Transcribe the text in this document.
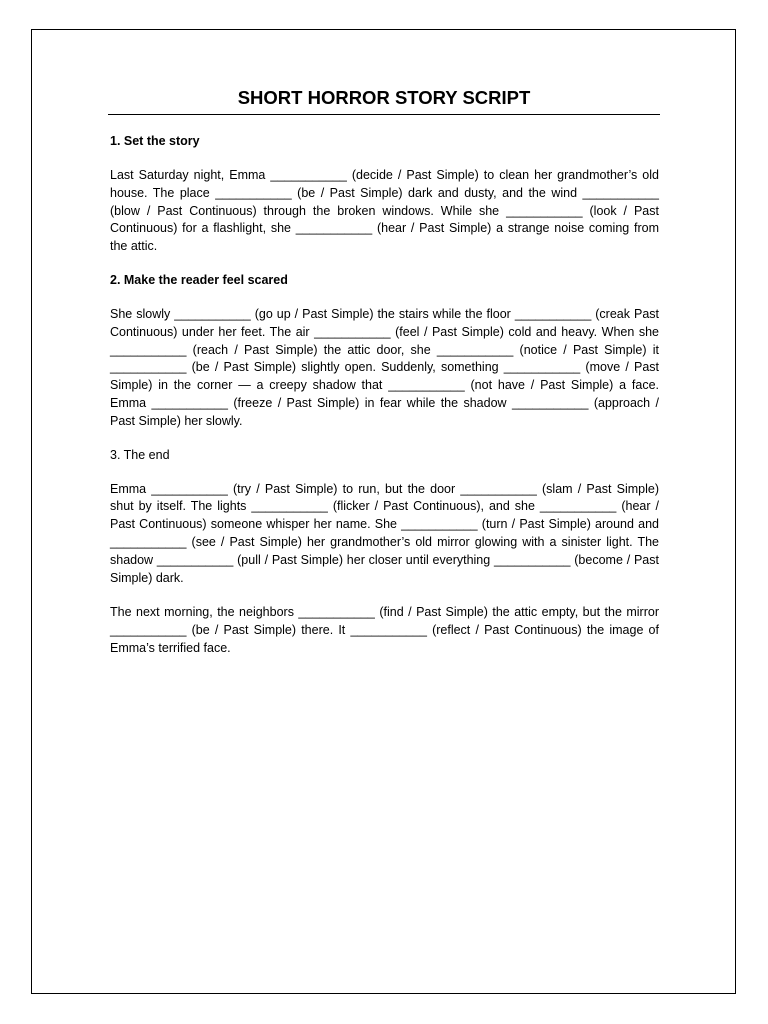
SHORT HORROR STORY SCRIPT
1. Set the story

Last Saturday night, Emma ___________ (decide / Past Simple) to clean her grandmother’s old house. The place ___________ (be / Past Simple) dark and dusty, and the wind ___________ (blow / Past Continuous) through the broken windows. While she ___________ (look / Past Continuous) for a flashlight, she ___________ (hear / Past Simple) a strange noise coming from the attic.

2. Make the reader feel scared

She slowly ___________ (go up / Past Simple) the stairs while the floor ___________ (creak Past Continuous) under her feet. The air ___________ (feel / Past Simple) cold and heavy. When she ___________ (reach / Past Simple) the attic door, she ___________ (notice / Past Simple) it ___________ (be / Past Simple) slightly open. Suddenly, something ___________ (move / Past Simple) in the corner — a creepy shadow that ___________ (not have / Past Simple) a face. Emma ___________ (freeze / Past Simple) in fear while the shadow ___________ (approach / Past Simple) her slowly.

3. The end

Emma ___________ (try / Past Simple) to run, but the door ___________ (slam / Past Simple) shut by itself. The lights ___________ (flicker / Past Continuous), and she ___________ (hear / Past Continuous) someone whisper her name. She ___________ (turn / Past Simple) around and ___________ (see / Past Simple) her grandmother’s old mirror glowing with a sinister light. The shadow ___________ (pull / Past Simple) her closer until everything ___________ (become / Past Simple) dark.

The next morning, the neighbors ___________ (find / Past Simple) the attic empty, but the mirror ___________ (be / Past Simple) there. It ___________ (reflect / Past Continuous) the image of Emma’s terrified face.
